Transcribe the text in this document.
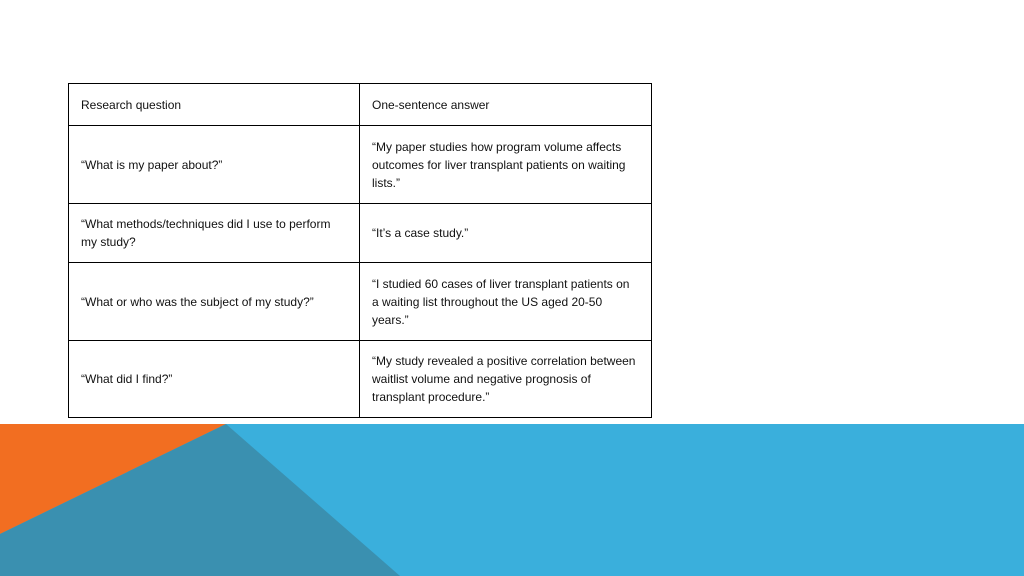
Research question	One-sentence answer
“What is my paper about?”	“My paper studies how program volume affects outcomes for liver transplant patients on waiting lists.”
“What methods/techniques did I use to perform my study?	“It’s a case study.”
“What or who was the subject of my study?”	“I studied 60 cases of liver transplant patients on a waiting list throughout the US aged 20-50 years.”
“What did I find?”	“My study revealed a positive correlation between waitlist volume and negative prognosis of transplant procedure.”
